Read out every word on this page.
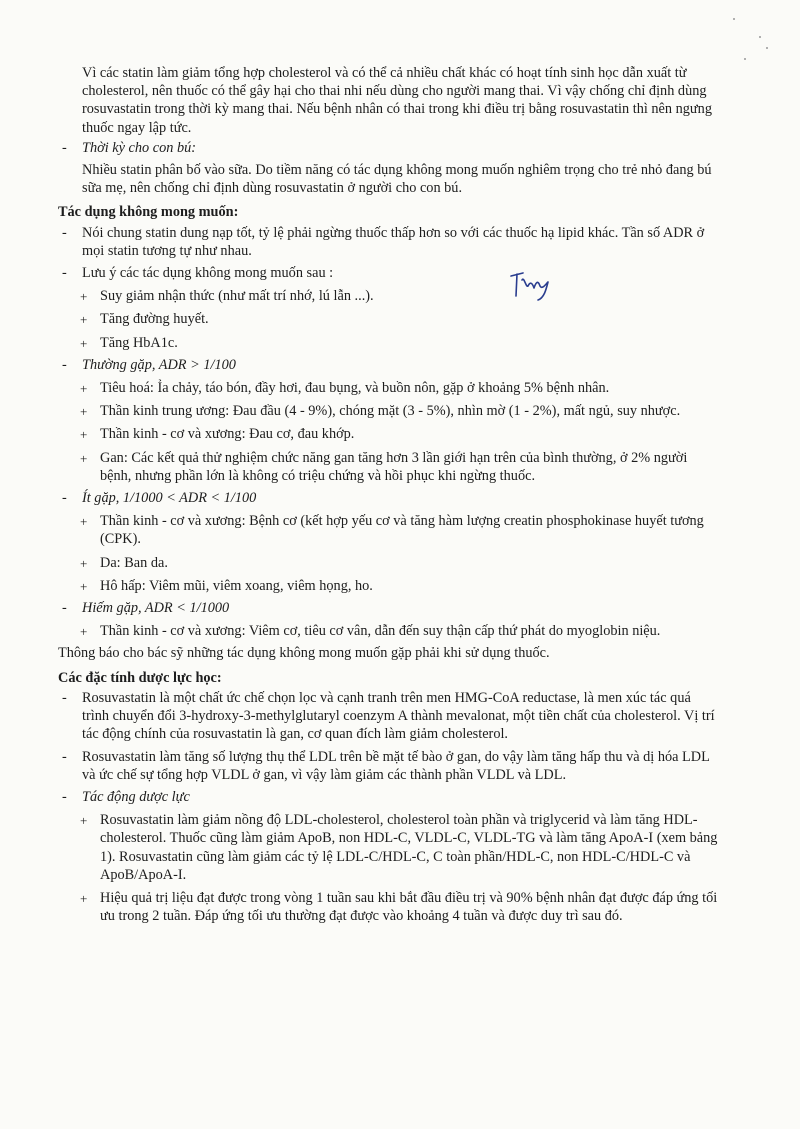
Vì các statin làm giảm tổng hợp cholesterol và có thể cả nhiều chất khác có hoạt tính sinh học dẫn xuất từ cholesterol, nên thuốc có thể gây hại cho thai nhi nếu dùng cho người mang thai. Vì vậy chống chỉ định dùng rosuvastatin trong thời kỳ mang thai. Nếu bệnh nhân có thai trong khi điều trị bằng rosuvastatin thì nên ngưng thuốc ngay lập tức.

- Thời kỳ cho con bú:

Nhiều statin phân bố vào sữa. Do tiềm năng có tác dụng không mong muốn nghiêm trọng cho trẻ nhỏ đang bú sữa mẹ, nên chống chỉ định dùng rosuvastatin ở người cho con bú.

Tác dụng không mong muốn:

- Nói chung statin dung nạp tốt, tỷ lệ phải ngừng thuốc thấp hơn so với các thuốc hạ lipid khác. Tần số ADR ở mọi statin tương tự như nhau.

- Lưu ý các tác dụng không mong muốn sau :

+ Suy giảm nhận thức (như mất trí nhớ, lú lẫn ...).

+ Tăng đường huyết.

+ Tăng HbA1c.

- Thường gặp, ADR > 1/100

+ Tiêu hoá: Ỉa chảy, táo bón, đầy hơi, đau bụng, và buồn nôn, gặp ở khoảng 5% bệnh nhân.

+ Thần kinh trung ương: Đau đầu (4 - 9%), chóng mặt (3 - 5%), nhìn mờ (1 - 2%), mất ngủ, suy nhược.

+ Thần kinh - cơ và xương: Đau cơ, đau khớp.

+ Gan: Các kết quả thử nghiệm chức năng gan tăng hơn 3 lần giới hạn trên của bình thường, ở 2% người bệnh, nhưng phần lớn là không có triệu chứng và hồi phục khi ngừng thuốc.

- Ít gặp, 1/1000 < ADR < 1/100

+ Thần kinh - cơ và xương: Bệnh cơ (kết hợp yếu cơ và tăng hàm lượng creatin phosphokinase huyết tương (CPK).

+ Da: Ban da.

+ Hô hấp: Viêm mũi, viêm xoang, viêm họng, ho.

- Hiếm gặp, ADR < 1/1000

+ Thần kinh - cơ và xương: Viêm cơ, tiêu cơ vân, dẫn đến suy thận cấp thứ phát do myoglobin niệu.

Thông báo cho bác sỹ những tác dụng không mong muốn gặp phải khi sử dụng thuốc.

Các đặc tính dược lực học:

- Rosuvastatin là một chất ức chế chọn lọc và cạnh tranh trên men HMG-CoA reductase, là men xúc tác quá trình chuyển đổi 3-hydroxy-3-methylglutaryl coenzym A thành mevalonat, một tiền chất của cholesterol. Vị trí tác động chính của rosuvastatin là gan, cơ quan đích làm giảm cholesterol.

- Rosuvastatin làm tăng số lượng thụ thể LDL trên bề mặt tế bào ở gan, do vậy làm tăng hấp thu và dị hóa LDL và ức chế sự tổng hợp VLDL ở gan, vì vậy làm giảm các thành phần VLDL và LDL.

- Tác động dược lực

+ Rosuvastatin làm giảm nồng độ LDL-cholesterol, cholesterol toàn phần và triglycerid và làm tăng HDL-cholesterol. Thuốc cũng làm giảm ApoB, non HDL-C, VLDL-C, VLDL-TG và làm tăng ApoA-I (xem bảng 1). Rosuvastatin cũng làm giảm các tỷ lệ LDL-C/HDL-C, C toàn phần/HDL-C, non HDL-C/HDL-C và ApoB/ApoA-I.

+ Hiệu quả trị liệu đạt được trong vòng 1 tuần sau khi bắt đầu điều trị và 90% bệnh nhân đạt được đáp ứng tối ưu trong 2 tuần. Đáp ứng tối ưu thường đạt được vào khoảng 4 tuần và được duy trì sau đó.
